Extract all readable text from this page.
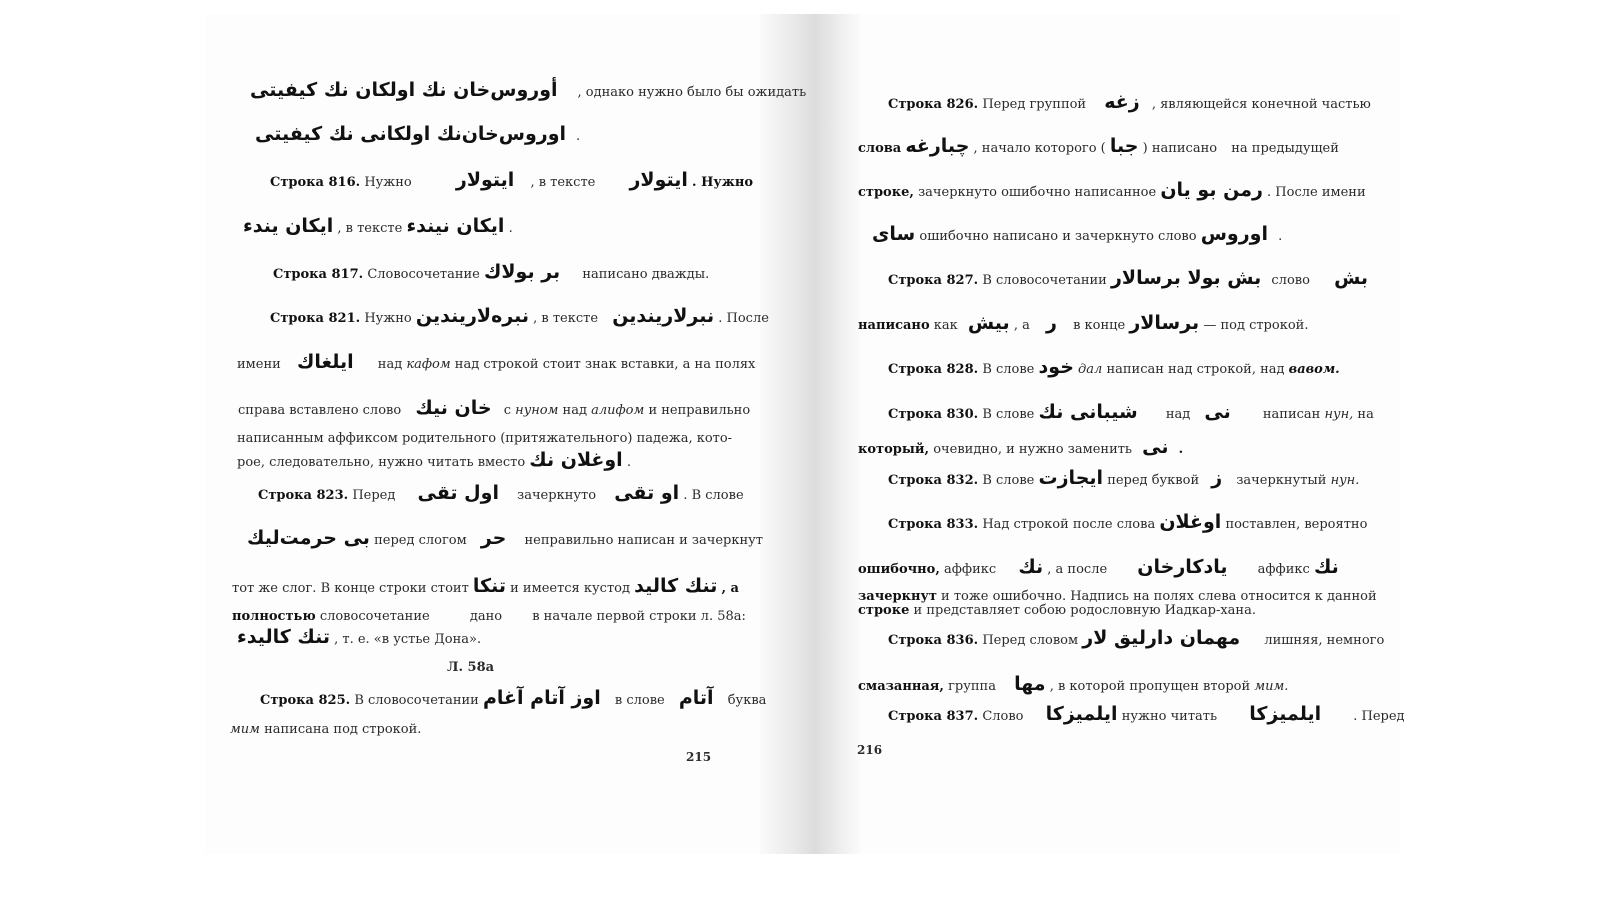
أوروس‌خان نك اولكان نك كيفيتى , однако нужно было бы ожидать
اوروس‌خان‌نك اولكانى نك كيفيتى .
Строка 816. Нужно ايتولار , в тексте ايتولار . Нужно
ايكان يندء , в тексте ايكان نيندء .
Строка 817. Словосочетание بر بولاك написано дважды.
Строка 821. Нужно نبره‌لاريندين , в тексте نبرلاريندين . После
имени ايلغاك над кафом над строкой стоит знак вставки, а на полях
справа вставлено слово خان نيك с нуном над алифом и неправильно
написанным аффиксом родительного (притяжательного) падежа, кото-
рое, следовательно, нужно читать вместо اوغلان نك .
Строка 823. Перед اول تقى зачеркнуто او تقى . В слове
بى حرمت‌ليك перед слогом حر неправильно написан и зачеркнут
тот же слог. В конце строки стоит تنكا и имеется кустод تنك كاليد , а
полностью словосочетание	дано в начале первой строки л. 58а:
تنك كاليدء , т. е. «в устье Дона».
Л. 58а
Строка 825. В словосочетании اوز آتام آغام в слове آتام буква
мим написана под строкой.
215
Строка 826. Перед группой زغه , являющейся конечной частью
слова چبارغه , начало которого ( جبا ) написано на предыдущей
строке, зачеркнуто ошибочно написанное رمن بو يان . После имени
ساى ошибочно написано и зачеркнуто слово اوروس .
Строка 827. В словосочетании بش بولا برسالار слово بش
написано как بيش , а ر в конце برسالار — под строкой.
Строка 828. В слове خود дал написан над строкой, над вавом.
Строка 830. В слове شيبانى نك над نى написан нун, на
который, очевидно, и нужно заменить نى .
Строка 832. В слове ايجازت перед буквой ز зачеркнутый нун.
Строка 833. Над строкой после слова اوغلان поставлен, вероятно
ошибочно, аффикс نك , а после يادكارخان аффикс نك
зачеркнут и тоже ошибочно. Надпись на полях слева относится к данной
строке и представляет собою родословную Иадкар-хана.
Строка 836. Перед словом مهمان دارليق لار лишняя, немного
смазанная, группа مها , в которой пропущен второй мим.
Строка 837. Слово ايلميزكا нужно читать ايلميزكا . Перед
216
